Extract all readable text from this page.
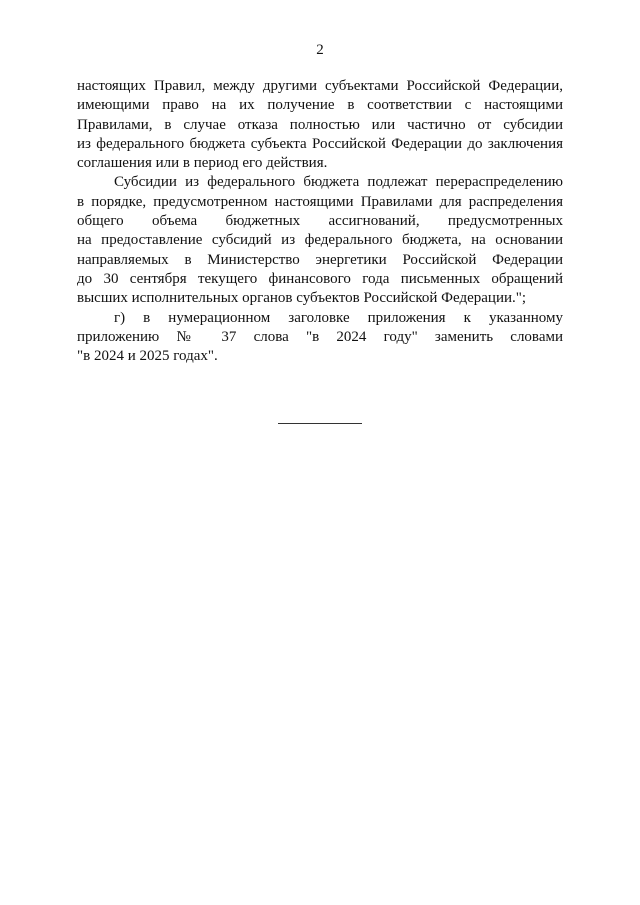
2

настоящих Правил, между другими субъектами Российской Федерации,
имеющими право на их получение в соответствии с настоящими
Правилами, в случае отказа полностью или частично от субсидии
из федерального бюджета субъекта Российской Федерации до заключения
соглашения или в период его действия.

Субсидии из федерального бюджета подлежат перераспределению
в порядке, предусмотренном настоящими Правилами для распределения
общего объема бюджетных ассигнований, предусмотренных
на предоставление субсидий из федерального бюджета, на основании
направляемых в Министерство энергетики Российской Федерации
до 30 сентября текущего финансового года письменных обращений
высших исполнительных органов субъектов Российской Федерации.";

г) в нумерационном заголовке приложения к указанному
приложению № 37 слова "в 2024 году" заменить словами
"в 2024 и 2025 годах".
